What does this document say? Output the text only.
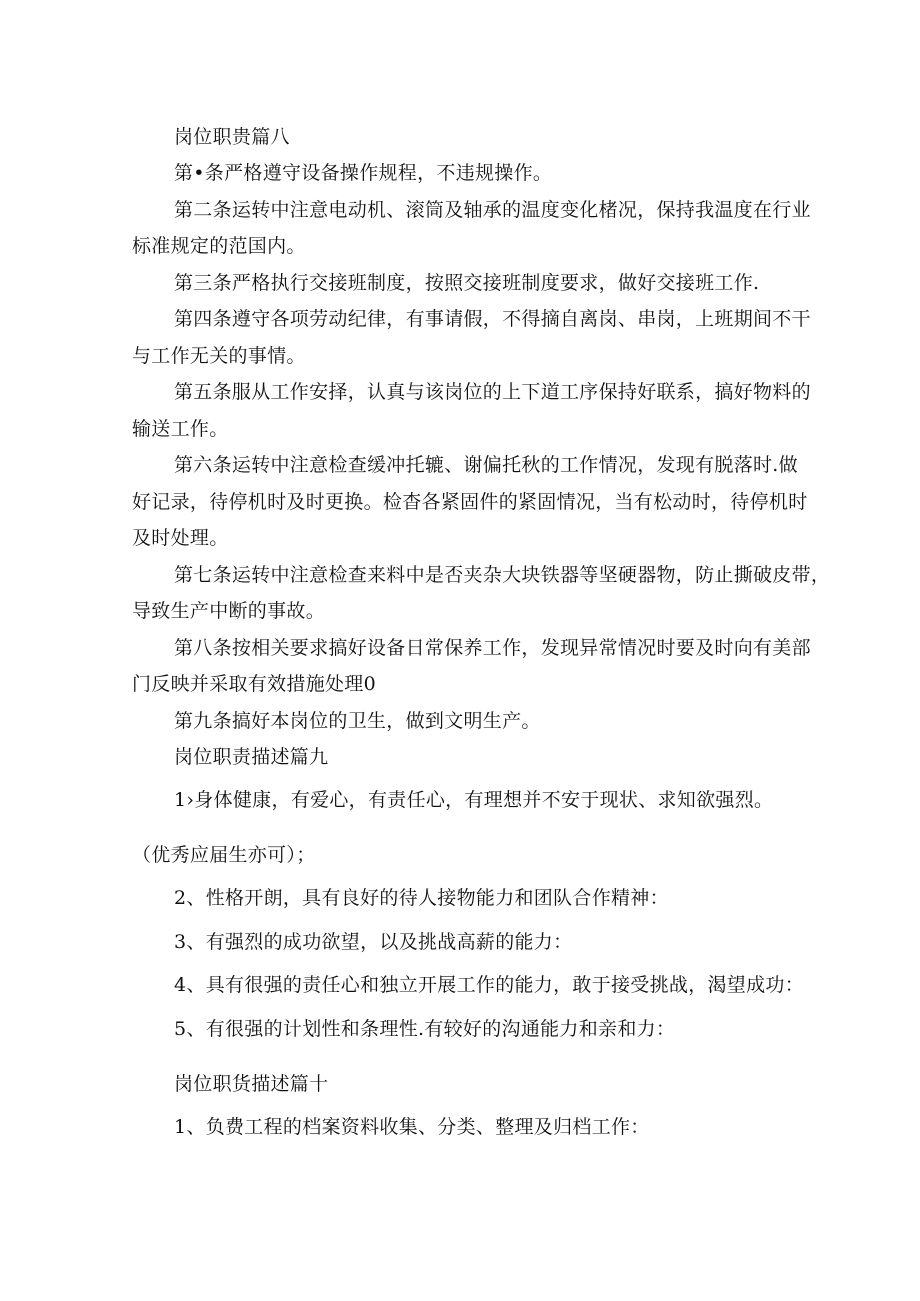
岗位职贵篇八
第•条严格遵守设备操作规程，不违规操作。
第二条运转中注意电动机、滚筒及轴承的温度变化楮况，保持我温度在行业
标准规定的范国内。
第三条严格执行交接班制度，按照交接班制度要求，做好交接班工作.
第四条遵守各项劳动纪律，有事请假，不得摘自离岗、串岗，上班期间不干
与工作无关的事情。
第五条服从工作安择，认真与该岗位的上下道工序保持好联系，搞好物料的
输送工作。
第六条运转中注意检查缓冲托辘、谢偏托秋的工作情况，发现有脱落时.做
好记录，待停机时及时更换。检杳各紧固件的紧固情况，当有松动时，待停机时
及时处理。
第七条运转中注意检查来料中是否夹杂大块铁器等坚硬器物，防止撕破皮带，
导致生产中断的事故。
第八条按相关要求搞好设备日常保养工作，发现异常情况时要及时向有美部
门反映并采取有效措施处理0
第九条搞好本岗位的卫生，做到文明生产。
岗位职责描述篇九
1›身体健康，有爱心，有责任心，有理想并不安于现状、求知欲强烈。
（优秀应届生亦可）；
2、性格开朗，具有良好的待人接物能力和团队合作精神：
3、有强烈的成功欲望，以及挑战高薪的能力：
4、具有很强的责任心和独立开展工作的能力，敢于接受挑战，渴望成功：
5、有很强的计划性和条理性.有较好的沟通能力和亲和力：
岗位职货描述篇十
1、负费工程的档案资料收集、分类、整理及归档工作：
